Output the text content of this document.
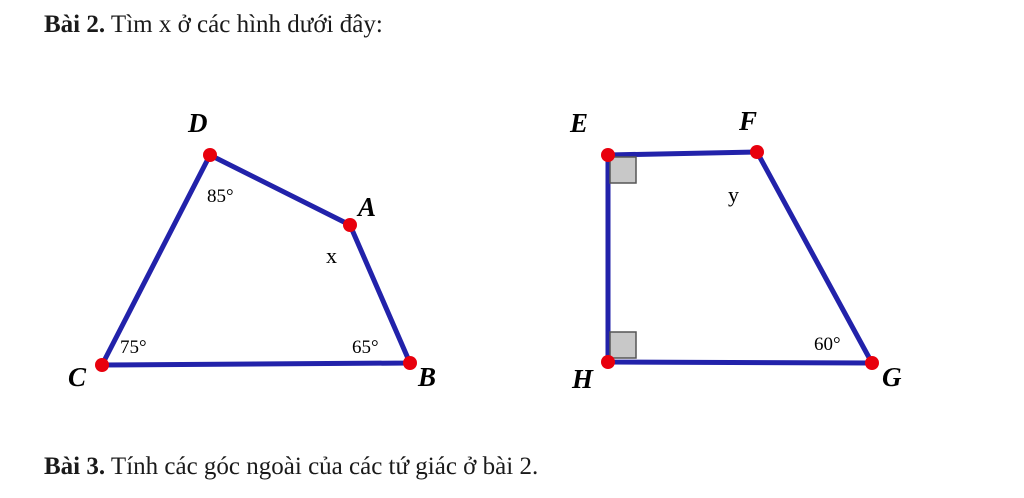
Bài 2. Tìm x ở các hình dưới đây:
D
A
B
C
85°
75°	65°
x
E	F
G
H
60°
y
Bài 3. Tính các góc ngoài của các tứ giác ở bài 2.
